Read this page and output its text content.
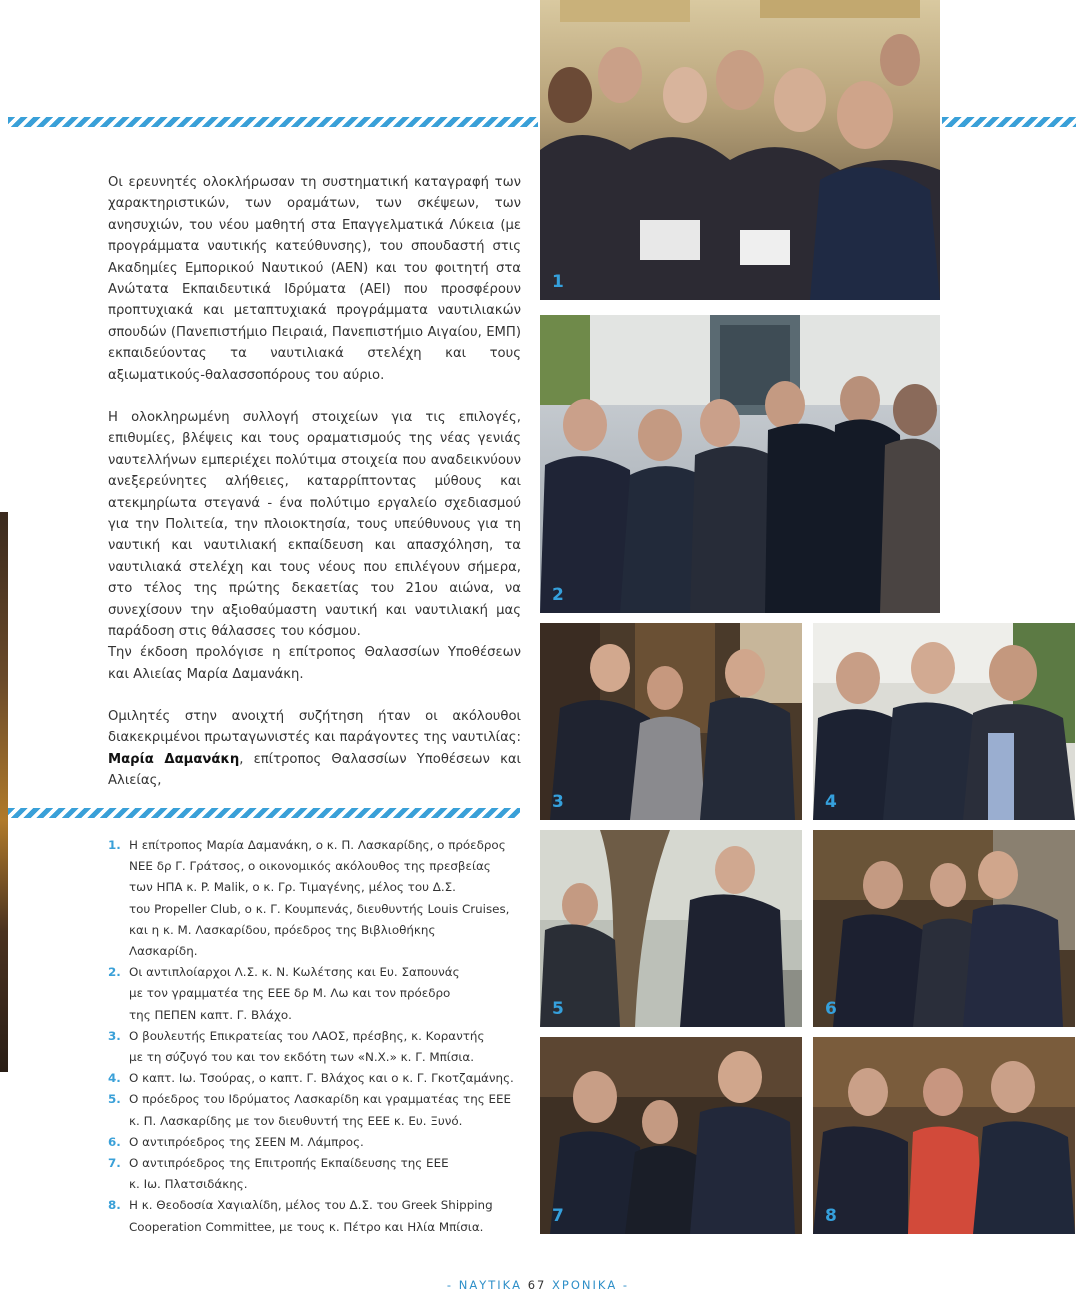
Οι ερευνητές ολοκλήρωσαν τη συστηματική καταγραφή των χαρακτηριστικών, των οραμάτων, των σκέψεων, των ανησυχιών, του νέου μαθητή στα Επαγγελματικά Λύκεια (με προγράμματα ναυτικής κατεύθυνσης), του σπουδαστή στις Ακαδημίες Εμπορικού Ναυτικού (ΑΕΝ) και του φοιτητή στα Ανώτατα Εκπαιδευτικά Ιδρύματα (ΑΕΙ) που προσφέρουν προπτυχιακά και μεταπτυχιακά προγράμματα ναυτιλιακών σπουδών (Πανεπιστήμιο Πειραιά, Πανεπιστήμιο Αιγαίου, ΕΜΠ) εκπαιδεύοντας τα ναυτιλιακά στελέχη και τους αξιωματικούς-θαλασσοπόρους του αύριο.

Η ολοκληρωμένη συλλογή στοιχείων για τις επιλογές, επιθυμίες, βλέψεις και τους οραματισμούς της νέας γενιάς ναυτελλήνων εμπεριέχει πολύτιμα στοιχεία που αναδεικνύουν ανεξερεύνητες αλήθειες, καταρρίπτοντας μύθους και ατεκμηρίωτα στεγανά - ένα πολύτιμο εργαλείο σχεδιασμού για την Πολιτεία, την πλοιοκτησία, τους υπεύθυνους για τη ναυτική και ναυτιλιακή εκπαίδευση και απασχόληση, τα ναυτιλιακά στελέχη και τους νέους που επιλέγουν σήμερα, στο τέλος της πρώτης δεκαετίας του 21ου αιώνα, να συνεχίσουν την αξιοθαύμαστη ναυτική και ναυτιλιακή μας παράδοση στις θάλασσες του κόσμου.

Την έκδοση προλόγισε η επίτροπος Θαλασσίων Υποθέσεων και Αλιείας Μαρία Δαμανάκη.

Ομιλητές στην ανοιχτή συζήτηση ήταν οι ακόλουθοι διακεκριμένοι πρωταγωνιστές και παράγοντες της ναυτιλίας: Μαρία Δαμανάκη, επίτροπος Θαλασσίων Υποθέσεων και Αλιείας,

1. Η επίτροπος Μαρία Δαμανάκη, ο κ. Π. Λασκαρίδης, ο πρόεδρος
ΝΕΕ δρ Γ. Γράτσος, ο οικονομικός ακόλουθος της πρεσβείας
των ΗΠΑ κ. P. Malik, ο κ. Γρ. Τιμαγένης, μέλος του Δ.Σ.
του Propeller Club, ο κ. Γ. Κουμπενάς, διευθυντής Louis Cruises,
και η κ. Μ. Λασκαρίδου, πρόεδρος της Βιβλιοθήκης
Λασκαρίδη.
2. Οι αντιπλοίαρχοι Λ.Σ. κ. Ν. Κωλέτσης και Ευ. Σαπουνάς
με τον γραμματέα της ΕΕΕ δρ Μ. Λω και τον πρόεδρο
της ΠΕΠΕΝ καπτ. Γ. Βλάχο.
3. Ο βουλευτής Επικρατείας του ΛΑΟΣ, πρέσβης, κ. Κοραντής
με τη σύζυγό του και τον εκδότη των «Ν.Χ.» κ. Γ. Μπίσια.
4. Ο καπτ. Ιω. Τσούρας, ο καπτ. Γ. Βλάχος και ο κ. Γ. Γκοτζαμάνης.
5. Ο πρόεδρος του Ιδρύματος Λασκαρίδη και γραμματέας της ΕΕΕ
κ. Π. Λασκαρίδης με τον διευθυντή της ΕΕΕ κ. Ευ. Ξυνό.
6. Ο αντιπρόεδρος της ΣΕΕΝ Μ. Λάμπρος.
7. Ο αντιπρόεδρος της Επιτροπής Εκπαίδευσης της ΕΕΕ
κ. Ιω. Πλατσιδάκης.
8. Η κ. Θεοδοσία Χαγιαλίδη, μέλος του Δ.Σ. του Greek Shipping
Cooperation Committee, με τους κ. Πέτρο και Ηλία Μπίσια.
1
2
3	4
5	6
7	8
- ΝΑΥΤΙΚΑ 67 ΧΡΟΝΙΚΑ -
